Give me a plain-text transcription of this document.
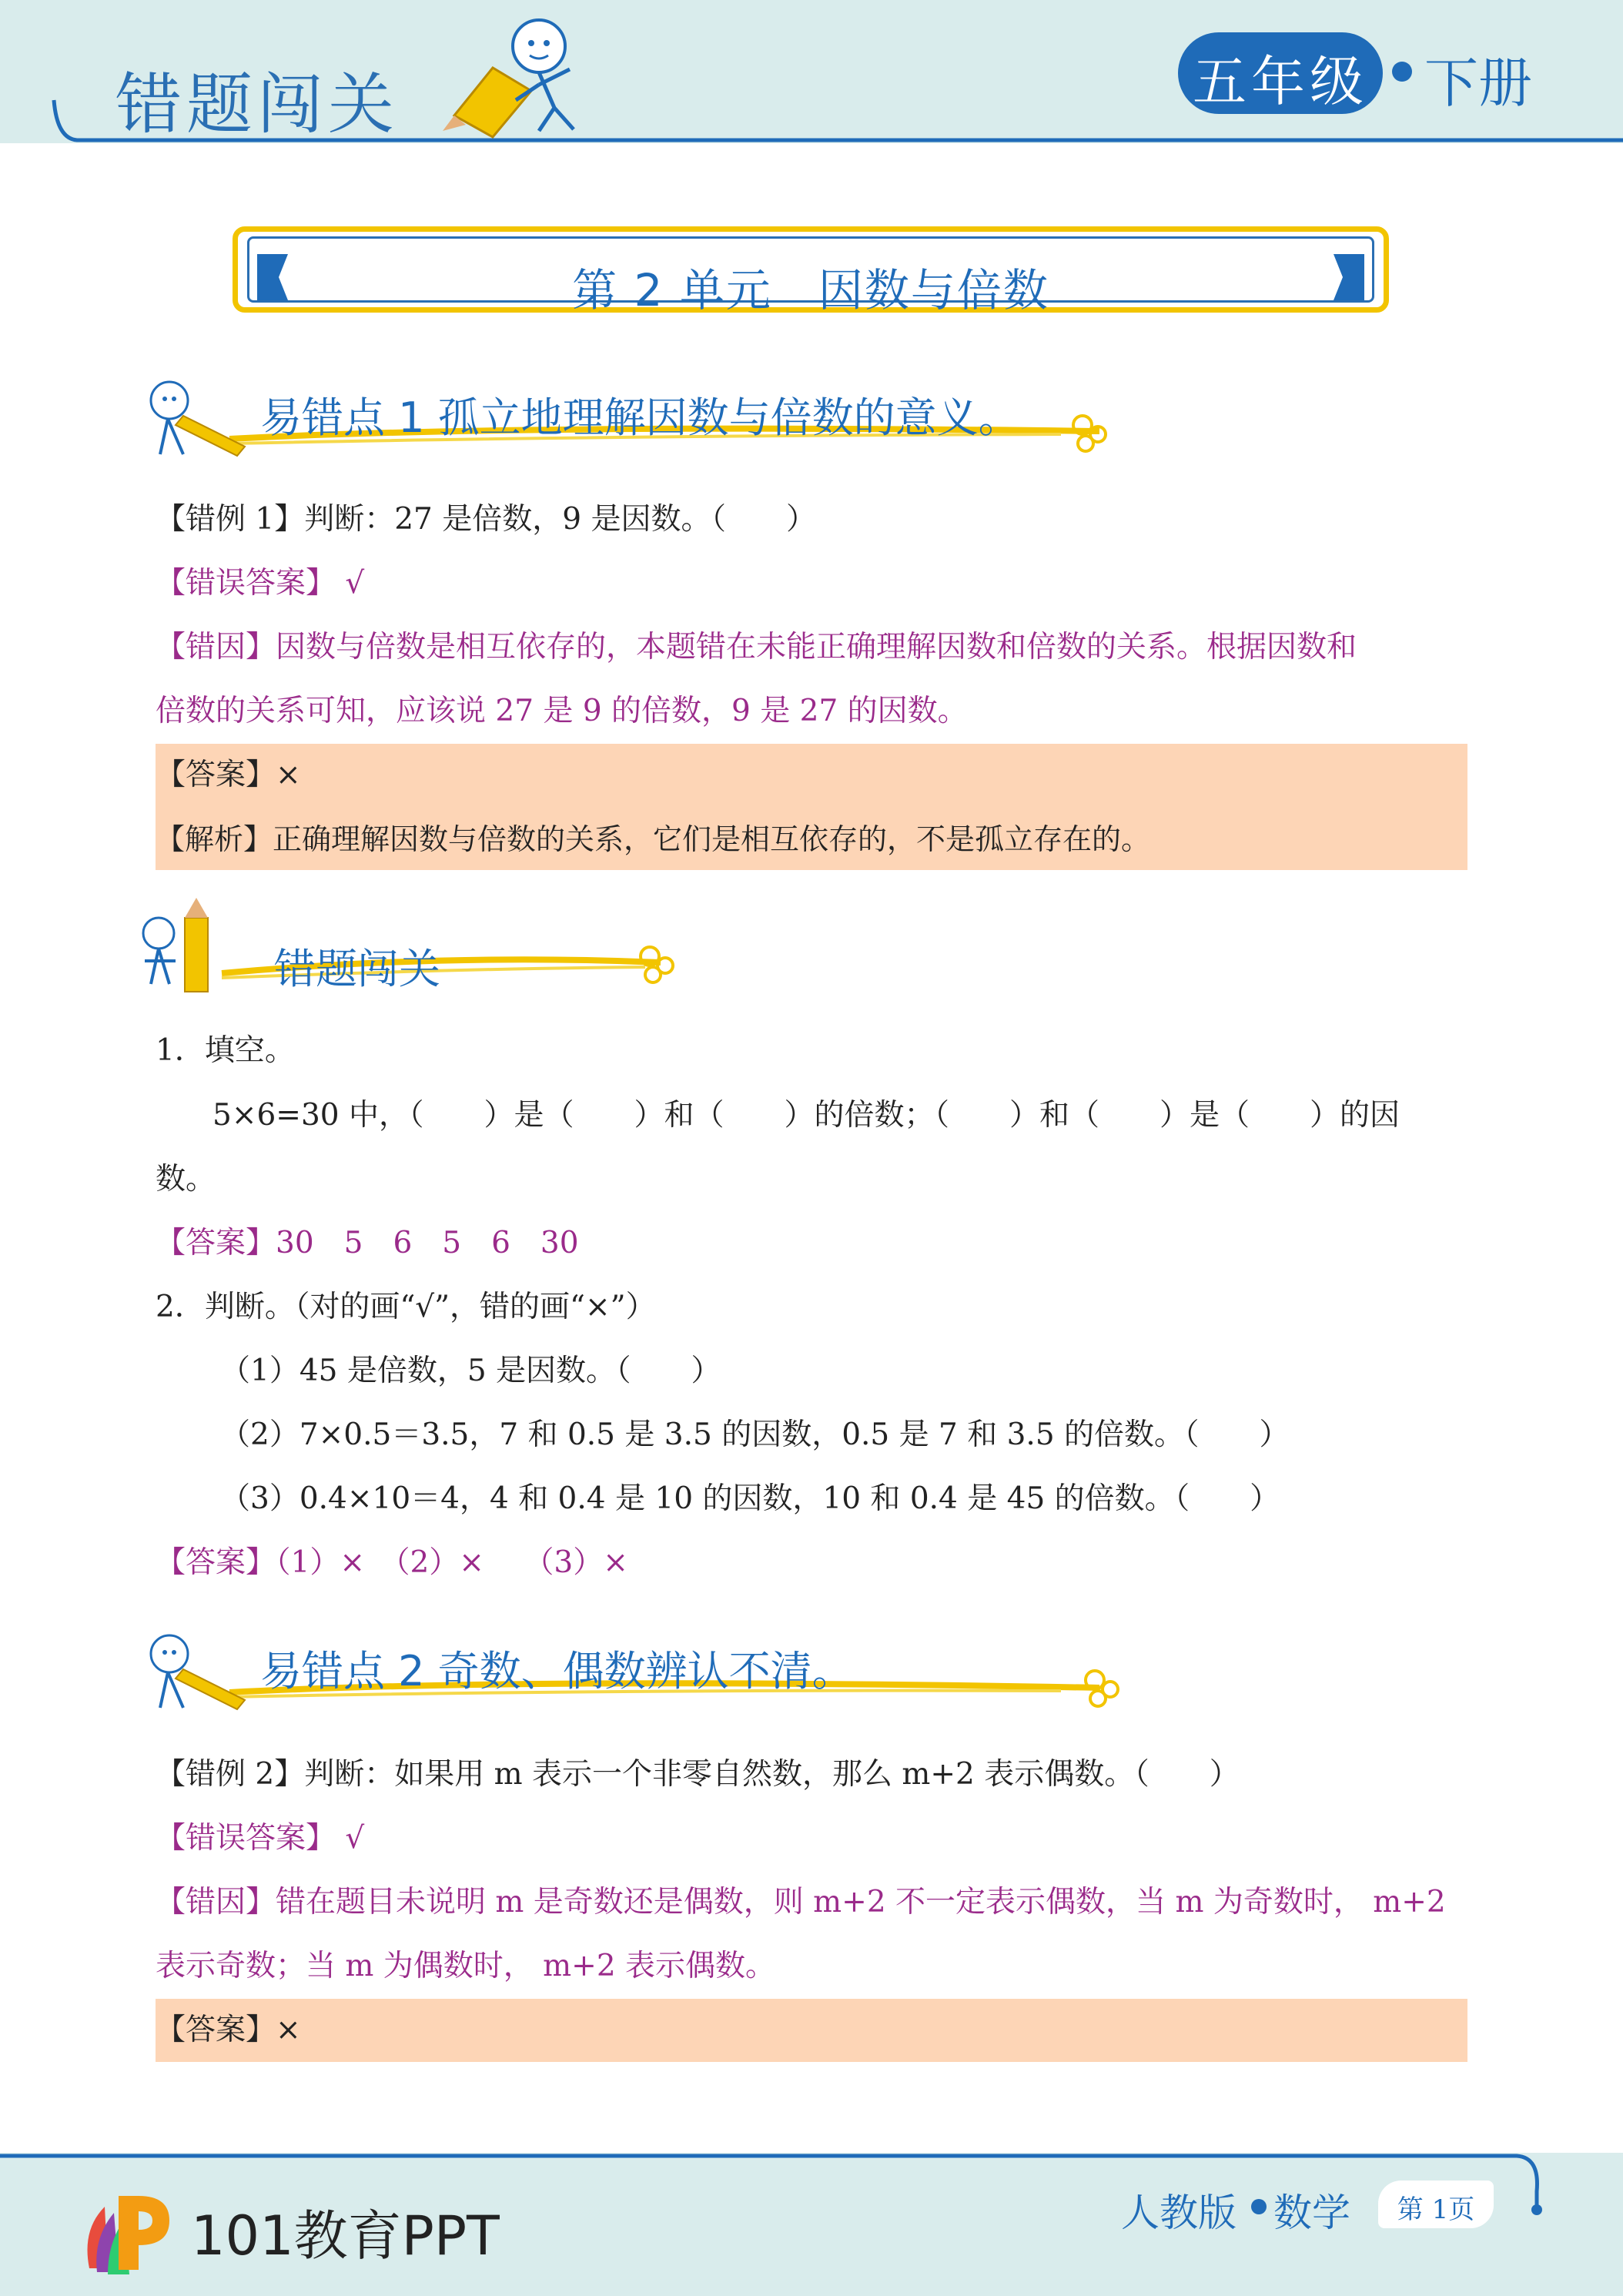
错题闯关	五年级 下册
第 2 单元　因数与倍数
易错点 1 孤立地理解因数与倍数的意义。
【错例 1】判断：27 是倍数，9 是因数。（　　）
【错误答案】 √
【错因】因数与倍数是相互依存的，本题错在未能正确理解因数和倍数的关系。根据因数和
倍数的关系可知，应该说 27 是 9 的倍数，9 是 27 的因数。
【答案】×
【解析】正确理解因数与倍数的关系，它们是相互依存的，不是孤立存在的。
错题闯关
1．填空。
5×6=30 中，（　　）是（　　）和（　　）的倍数；（　　）和（　　）是（　　）的因
数。
【答案】30　5　6　5　6　30
2．判断。（对的画“√”，错的画“×”）
（1）45 是倍数，5 是因数。（　　）
（2）7×0.5＝3.5，7 和 0.5 是 3.5 的因数，0.5 是 7 和 3.5 的倍数。（　　）
（3）0.4×10＝4，4 和 0.4 是 10 的因数，10 和 0.4 是 45 的倍数。（　　）
【答案】（1）×　（2）×　 （3）×
易错点 2 奇数、偶数辨认不清。
【错例 2】判断：如果用 m 表示一个非零自然数，那么 m+2 表示偶数。（　　）
【错误答案】 √
【错因】错在题目未说明 m 是奇数还是偶数，则 m+2 不一定表示偶数，当 m 为奇数时， m+2
表示奇数；当 m 为偶数时， m+2 表示偶数。
【答案】×
101教育PPT	人教版 数学	第 1页
